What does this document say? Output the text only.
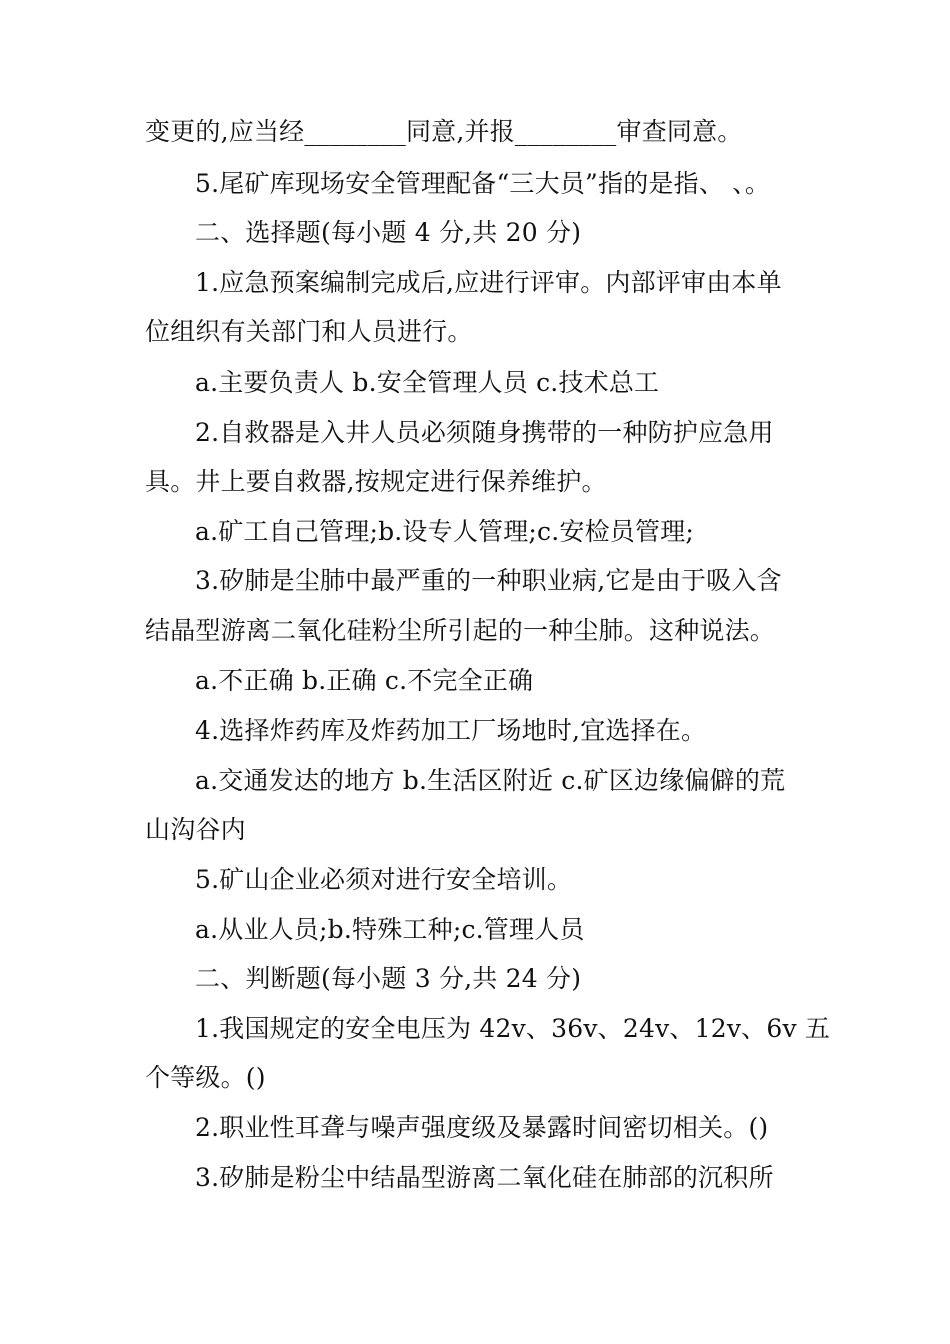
变更的,应当经________同意,并报________审查同意。
5.尾矿库现场安全管理配备“三大员”指的是指、 、。
二、选择题(每小题 4 分,共 20 分)
1.应急预案编制完成后,应进行评审。内部评审由本单
位组织有关部门和人员进行。
a.主要负责人 b.安全管理人员 c.技术总工
2.自救器是入井人员必须随身携带的一种防护应急用
具。井上要自救器,按规定进行保养维护。
a.矿工自己管理;b.设专人管理;c.安检员管理;
3.矽肺是尘肺中最严重的一种职业病,它是由于吸入含
结晶型游离二氧化硅粉尘所引起的一种尘肺。这种说法。
a.不正确 b.正确 c.不完全正确
4.选择炸药库及炸药加工厂场地时,宜选择在。
a.交通发达的地方 b.生活区附近 c.矿区边缘偏僻的荒
山沟谷内
5.矿山企业必须对进行安全培训。
a.从业人员;b.特殊工种;c.管理人员
二、判断题(每小题 3 分,共 24 分)
1.我国规定的安全电压为 42v、36v、24v、12v、6v 五
个等级。()
2.职业性耳聋与噪声强度级及暴露时间密切相关。()
3.矽肺是粉尘中结晶型游离二氧化硅在肺部的沉积所
